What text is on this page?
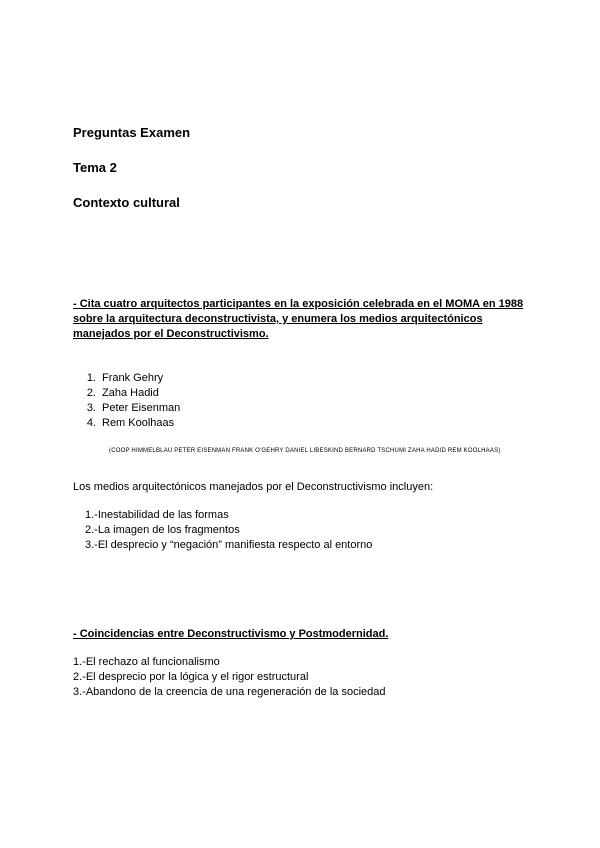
Preguntas Examen
Tema 2
Contexto cultural
- Cita cuatro arquitectos participantes en la exposición celebrada en el MOMA en 1988
sobre la arquitectura deconstructivista, y enumera los medios arquitectónicos
manejados por el Deconstructivismo.
1. Frank Gehry
2. Zaha Hadid
3. Peter Eisenman
4. Rem Koolhaas
(COOP HIMMELBLAU PETER EISENMAN FRANK O'GEHRY DANIEL LIBESKIND BERNARD TSCHUMI ZAHA HADID REM KOOLHAAS)
Los medios arquitectónicos manejados por el Deconstructivismo incluyen:
1.-Inestabilidad de las formas
2.-La imagen de los fragmentos
3.-El desprecio y “negación” manifiesta respecto al entorno
- Coincidencias entre Deconstructivismo y Postmodernidad.
1.-El rechazo al funcionalismo
2.-El desprecio por la lógica y el rigor estructural
3.-Abandono de la creencia de una regeneración de la sociedad
